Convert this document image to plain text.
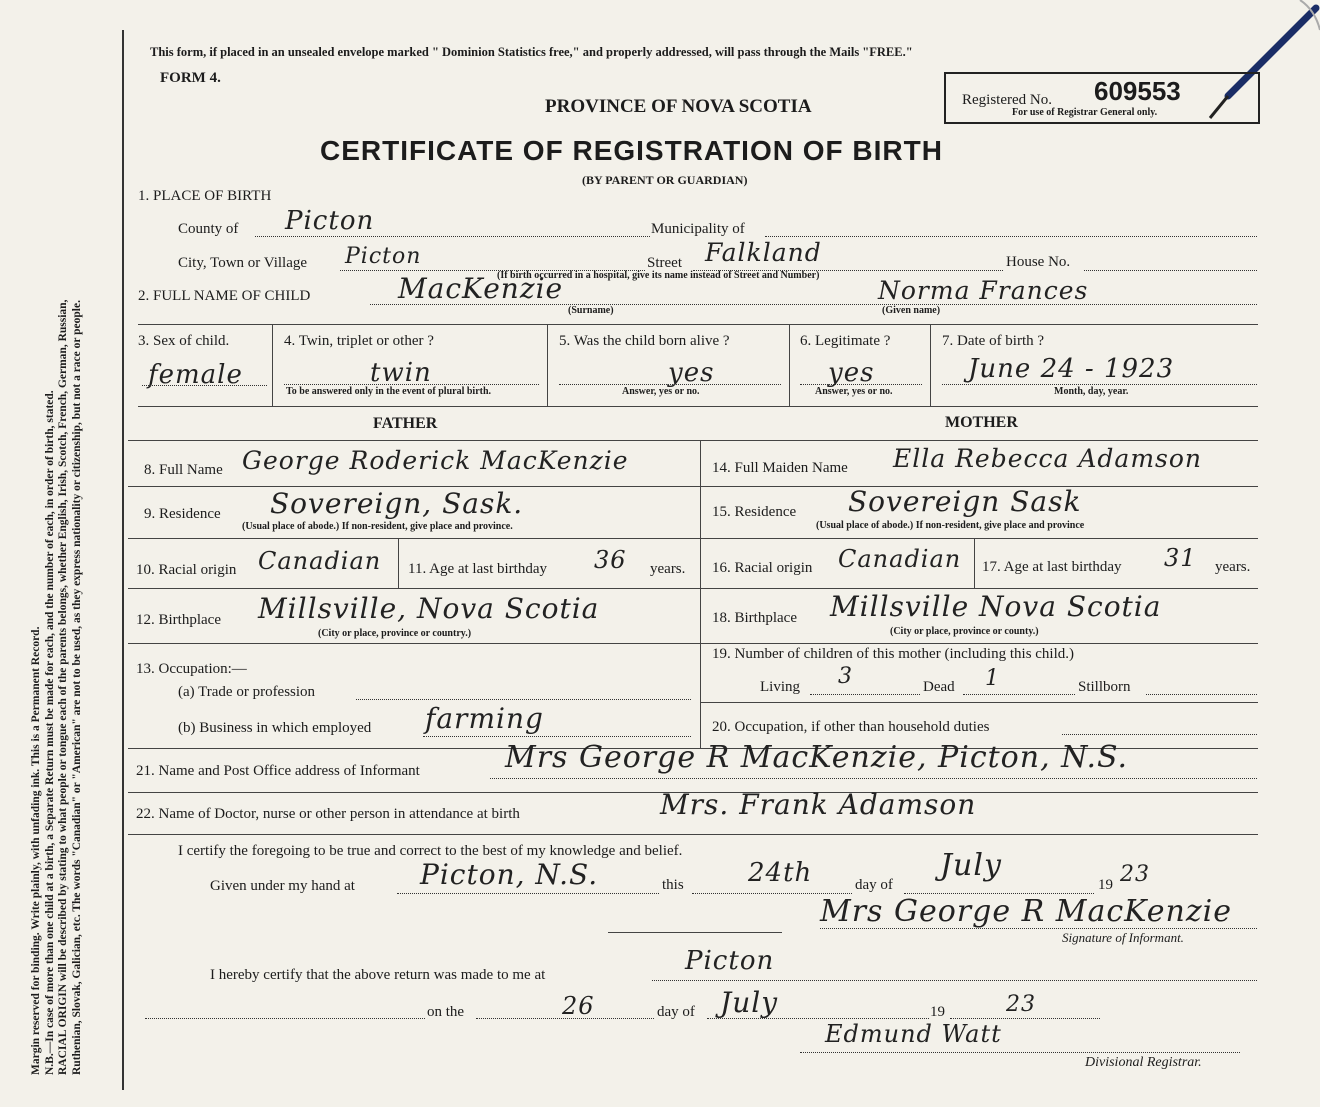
Margin reserved for binding. Write plainly, with unfading ink. This is a Permanent Record. N.B.—In case of more than one child at a birth, a Separate Return must be made for each, and the number of each, in order of birth, stated. RACIAL ORIGIN will be described by stating to what people or tongue each of the parents belongs, whether English, Irish, Scotch, French, German, Russian, Ruthenian, Slovak, Galician, etc. The words "Canadian" or "American" are not to be used, as they express nationality or citizenship, but not a race or people.
This form, if placed in an unsealed envelope marked " Dominion Statistics free," and properly addressed, will pass through the Mails "FREE."
FORM 4.
PROVINCE OF NOVA SCOTIA
CERTIFICATE OF REGISTRATION OF BIRTH
(BY PARENT OR GUARDIAN)
Registered No. 609553
For use of Registrar General only.
1. PLACE OF BIRTH
County of Picton	Municipality of
City, Town or Village Picton	Street Falkland	House No.
(If birth occurred in a hospital, give its name instead of Street and Number)
2. FULL NAME OF CHILD	MacKenzie
(Surname)
Norma Frances
(Given name)
3. Sex of child.
female
4. Twin, triplet or other ?
twin
To be answered only in the event of plural birth.
5. Was the child born alive ?
yes
Answer, yes or no.
6. Legitimate ?
yes
Answer, yes or no.
7. Date of birth ?
June 24 - 1923
Month, day, year.
FATHER	MOTHER
8. Full Name George Roderick MacKenzie	14. Full Maiden Name Ella Rebecca Adamson
9. Residence Sovereign, Sask.
(Usual place of abode.) If non-resident, give place and province.
15. Residence Sovereign Sask
(Usual place of abode.) If non-resident, give place and province
10. Racial origin Canadian 11. Age at last birthday 36 years. 16. Racial origin Canadian 17. Age at last birthday 31 years.
12. Birthplace Millsville, Nova Scotia
(City or place, province or country.)
18. Birthplace Millsville Nova Scotia
(City or place, province or county.)
13. Occupation:—
(a) Trade or profession
(b) Business in which employed farming
19. Number of children of this mother (including this child.)
Living 3	Dead 1	Stillborn
20. Occupation, if other than household duties
21. Name and Post Office address of Informant	Mrs George R MacKenzie, Picton, N.S.
22. Name of Doctor, nurse or other person in attendance at birth	Mrs. Frank Adamson
I certify the foregoing to be true and correct to the best of my knowledge and belief.
Given under my hand at Picton, N.S.	this 24th	day of
July
19 23
Mrs George R MacKenzie
Signature of Informant.
I hereby certify that the above return was made to me at	Picton
on the	26	day of July	19	23
Edmund Watt
Divisional Registrar.
